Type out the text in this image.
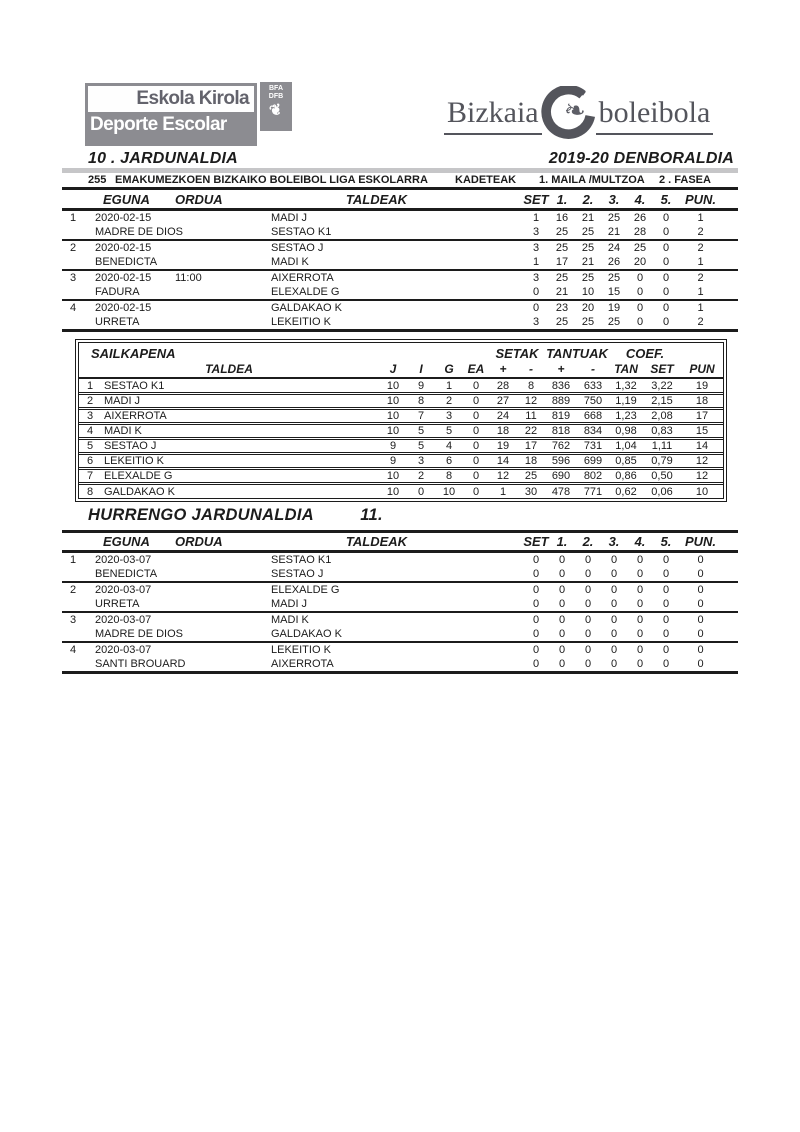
Eskola Kirola
Deporte Escolar
BFA
DFB
❦	Bizkaia ❧ boleibola
10 . JARDUNALDIA	2019-20 DENBORALDIA
255 EMAKUMEZKOEN BIZKAIKO BOLEIBOL LIGA ESKOLARRA KADETEAK 1. MAILA /MULTZOA 2 . FASEA
EGUNA	ORDUA	TALDEAK	SET 1.	2.	3.	4.	5.	PUN.
1	2020-02-15	MADI J	1	16	21	25	26	0	1
MADRE DE DIOS	SESTAO K1	3	25	25	21	28	0	2
2	2020-02-15	SESTAO J	3	25	25	24	25	0	2
BENEDICTA	MADI K	1	17	21	26	20	0	1
3	2020-02-15	11:00	AIXERROTA	3	25	25	25	0	0	2
FADURA	ELEXALDE G	0	21	10	15	0	0	1
4	2020-02-15	GALDAKAO K	0	23	20	19	0	0	1
URRETA	LEKEITIO K	3	25	25	25	0	0	2
SAILKAPENA	SETAK TANTUAK	COEF.
TALDEA	J	I	G	EA	+	-	+	-	TAN	SET	PUN
1 SESTAO K1	10	9	1	0	28	8	836	633	1,32	3,22	19
2 MADI J	10	8	2	0	27	12	889	750	1,19	2,15	18
3 AIXERROTA	10	7	3	0	24	11	819	668	1,23	2,08	17
4 MADI K	10	5	5	0	18	22	818	834	0,98	0,83	15
5 SESTAO J	9	5	4	0	19	17	762	731	1,04	1,11	14
6 LEKEITIO K	9	3	6	0	14	18	596	699	0,85	0,79	12
7 ELEXALDE G	10	2	8	0	12	25	690	802	0,86	0,50	12
8 GALDAKAO K	10	0	10	0	1	30	478	771	0,62	0,06	10
HURRENGO JARDUNALDIA	11.
EGUNA	ORDUA	TALDEAK	SET 1.	2.	3.	4.	5.	PUN.
1	2020-03-07	SESTAO K1	0	0	0	0	0	0	0
BENEDICTA	SESTAO J	0	0	0	0	0	0	0
2	2020-03-07	ELEXALDE G	0	0	0	0	0	0	0
URRETA	MADI J	0	0	0	0	0	0	0
3	2020-03-07	MADI K	0	0	0	0	0	0	0
MADRE DE DIOS	GALDAKAO K	0	0	0	0	0	0	0
4	2020-03-07	LEKEITIO K	0	0	0	0	0	0	0
SANTI BROUARD	AIXERROTA	0	0	0	0	0	0	0
